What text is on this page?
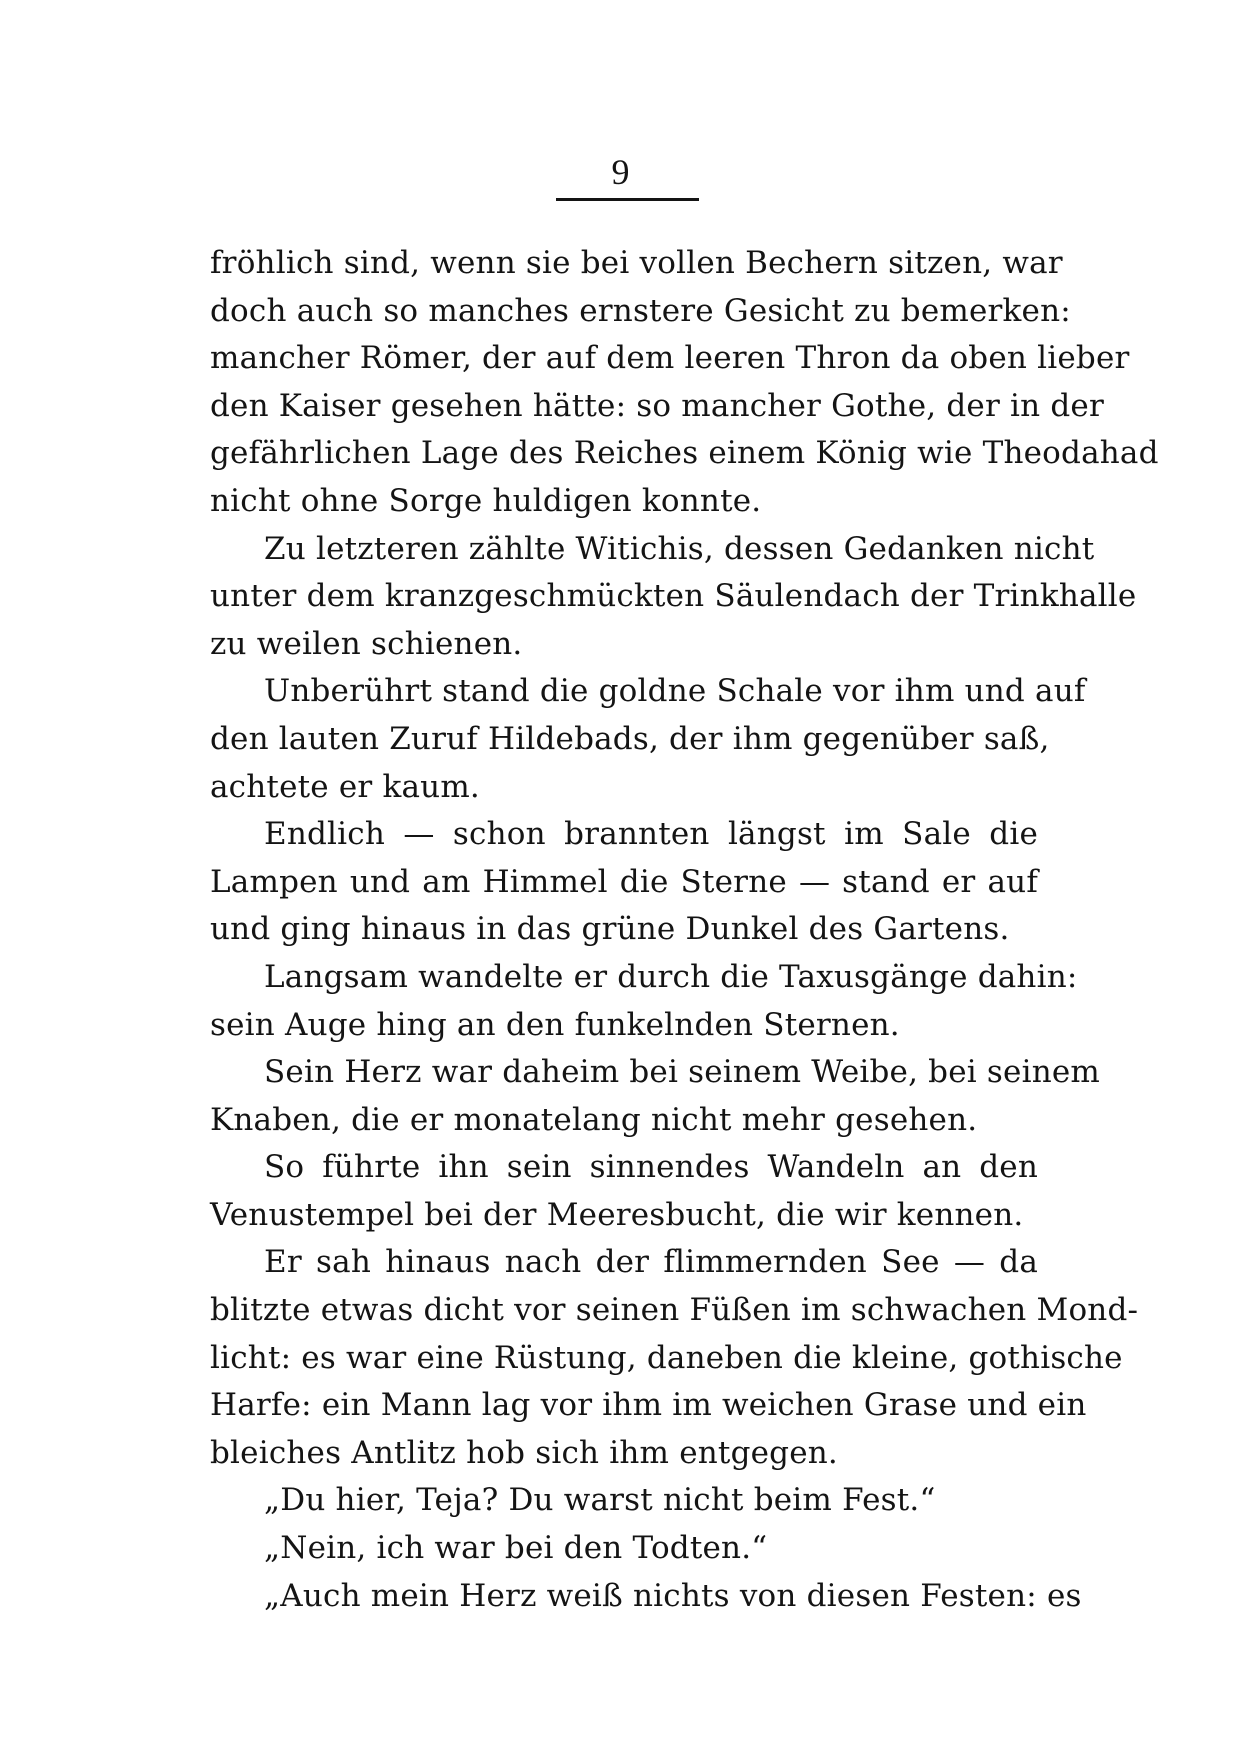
9
fröhlich sind, wenn sie bei vollen Bechern sitzen, war
doch auch so manches ernstere Gesicht zu bemerken:
mancher Römer, der auf dem leeren Thron da oben lieber
den Kaiser gesehen hätte: so mancher Gothe, der in der
gefährlichen Lage des Reiches einem König wie Theodahad
nicht ohne Sorge huldigen konnte.
Zu letzteren zählte Witichis, dessen Gedanken nicht
unter dem kranzgeschmückten Säulendach der Trinkhalle
zu weilen schienen.
Unberührt stand die goldne Schale vor ihm und auf
den lauten Zuruf Hildebads, der ihm gegenüber saß,
achtete er kaum.
Endlich — schon brannten längst im Sale die
Lampen und am Himmel die Sterne — stand er auf
und ging hinaus in das grüne Dunkel des Gartens.
Langsam wandelte er durch die Taxusgänge dahin:
sein Auge hing an den funkelnden Sternen.
Sein Herz war daheim bei seinem Weibe, bei seinem
Knaben, die er monatelang nicht mehr gesehen.
So führte ihn sein sinnendes Wandeln an den
Venustempel bei der Meeresbucht, die wir kennen.
Er sah hinaus nach der flimmernden See — da
blitzte etwas dicht vor seinen Füßen im schwachen Mond-
licht: es war eine Rüstung, daneben die kleine, gothische
Harfe: ein Mann lag vor ihm im weichen Grase und ein
bleiches Antlitz hob sich ihm entgegen.
„Du hier, Teja? Du warst nicht beim Fest.“
„Nein, ich war bei den Todten.“
„Auch mein Herz weiß nichts von diesen Festen: es
